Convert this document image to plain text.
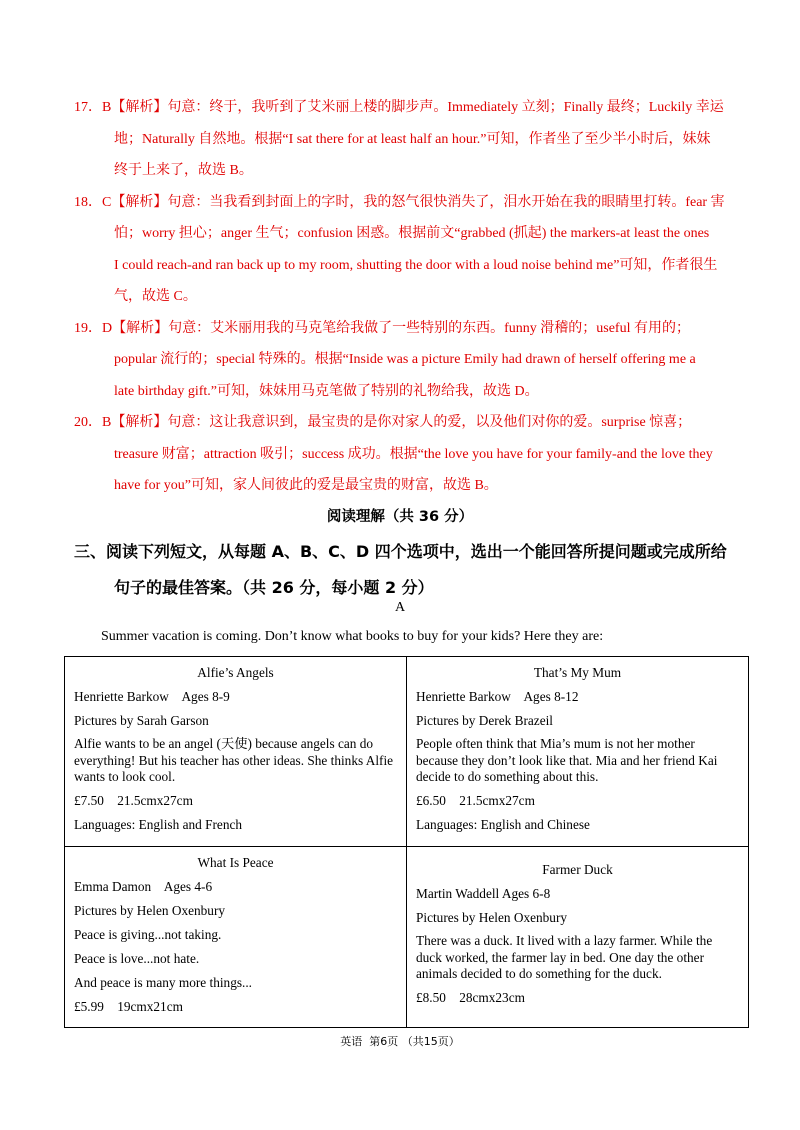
17．B【解析】句意：终于，我听到了艾米丽上楼的脚步声。Immediately 立刻；Finally 最终；Luckily 幸运
地；Naturally 自然地。根据“I sat there for at least half an hour.”可知，作者坐了至少半小时后，妹妹
终于上来了，故选 B。
18．C【解析】句意：当我看到封面上的字时，我的怒气很快消失了，泪水开始在我的眼睛里打转。fear 害
怕；worry 担心；anger 生气；confusion 困惑。根据前文“grabbed (抓起) the markers-at least the ones
I could reach-and ran back up to my room, shutting the door with a loud noise behind me”可知，作者很生
气，故选 C。
19．D【解析】句意：艾米丽用我的马克笔给我做了一些特别的东西。funny 滑稽的；useful 有用的；
popular 流行的；special 特殊的。根据“Inside was a picture Emily had drawn of herself offering me a
late birthday gift.”可知，妹妹用马克笔做了特别的礼物给我，故选 D。
20．B【解析】句意：这让我意识到，最宝贵的是你对家人的爱，以及他们对你的爱。surprise 惊喜；
treasure 财富；attraction 吸引；success 成功。根据“the love you have for your family-and the love they
have for you”可知，家人间彼此的爱是最宝贵的财富，故选 B。
阅读理解（共 36 分）
三、阅读下列短文，从每题 A、B、C、D 四个选项中，选出一个能回答所提问题或完成所给
句子的最佳答案。（共 26 分，每小题 2 分）
A
Summer vacation is coming. Don’t know what books to buy for your kids? Here they are:
Alfie’s Angels
Henriette Barkow    Ages 8-9
Pictures by Sarah Garson
Alfie wants to be an angel (天使) because angels can do everything! But his teacher has other ideas. She thinks Alfie wants to look cool.
£7.50    21.5cmx27cm
Languages: English and French
That’s My Mum
Henriette Barkow    Ages 8-12
Pictures by Derek Brazeil
People often think that Mia’s mum is not her mother because they don’t look like that. Mia and her friend Kai decide to do something about this.
£6.50    21.5cmx27cm
Languages: English and Chinese
What Is Peace
Emma Damon    Ages 4-6
Pictures by Helen Oxenbury
Peace is giving...not taking.
Peace is love...not hate.
And peace is many more things...
£5.99    19cmx21cm
Farmer Duck
Martin Waddell Ages 6-8
Pictures by Helen Oxenbury
There was a duck. It lived with a lazy farmer. While the duck worked, the farmer lay in bed. One day the other animals decided to do something for the duck.
£8.50    28cmx23cm
英语  第6页 （共15页）
